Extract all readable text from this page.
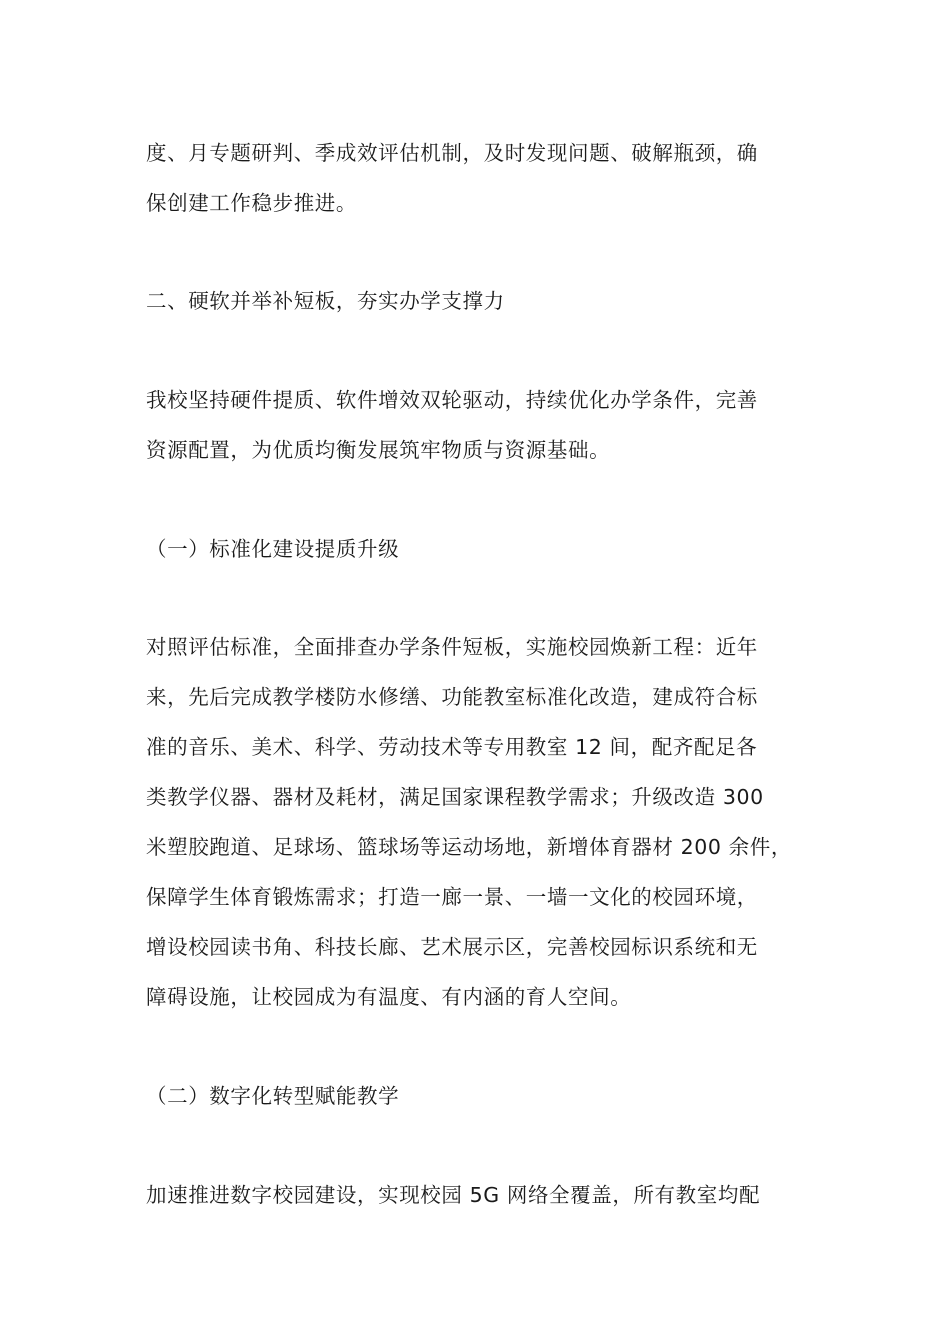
度、月专题研判、季成效评估机制，及时发现问题、破解瓶颈，确
保创建工作稳步推进。
二、硬软并举补短板，夯实办学支撑力
我校坚持硬件提质、软件增效双轮驱动，持续优化办学条件，完善
资源配置，为优质均衡发展筑牢物质与资源基础。
（一）标准化建设提质升级
对照评估标准，全面排查办学条件短板，实施校园焕新工程：近年
来，先后完成教学楼防水修缮、功能教室标准化改造，建成符合标
准的音乐、美术、科学、劳动技术等专用教室 12 间，配齐配足各
类教学仪器、器材及耗材，满足国家课程教学需求；升级改造 300
米塑胶跑道、足球场、篮球场等运动场地，新增体育器材 200 余件，
保障学生体育锻炼需求；打造一廊一景、一墙一文化的校园环境，
增设校园读书角、科技长廊、艺术展示区，完善校园标识系统和无
障碍设施，让校园成为有温度、有内涵的育人空间。
（二）数字化转型赋能教学
加速推进数字校园建设，实现校园 5G 网络全覆盖，所有教室均配
